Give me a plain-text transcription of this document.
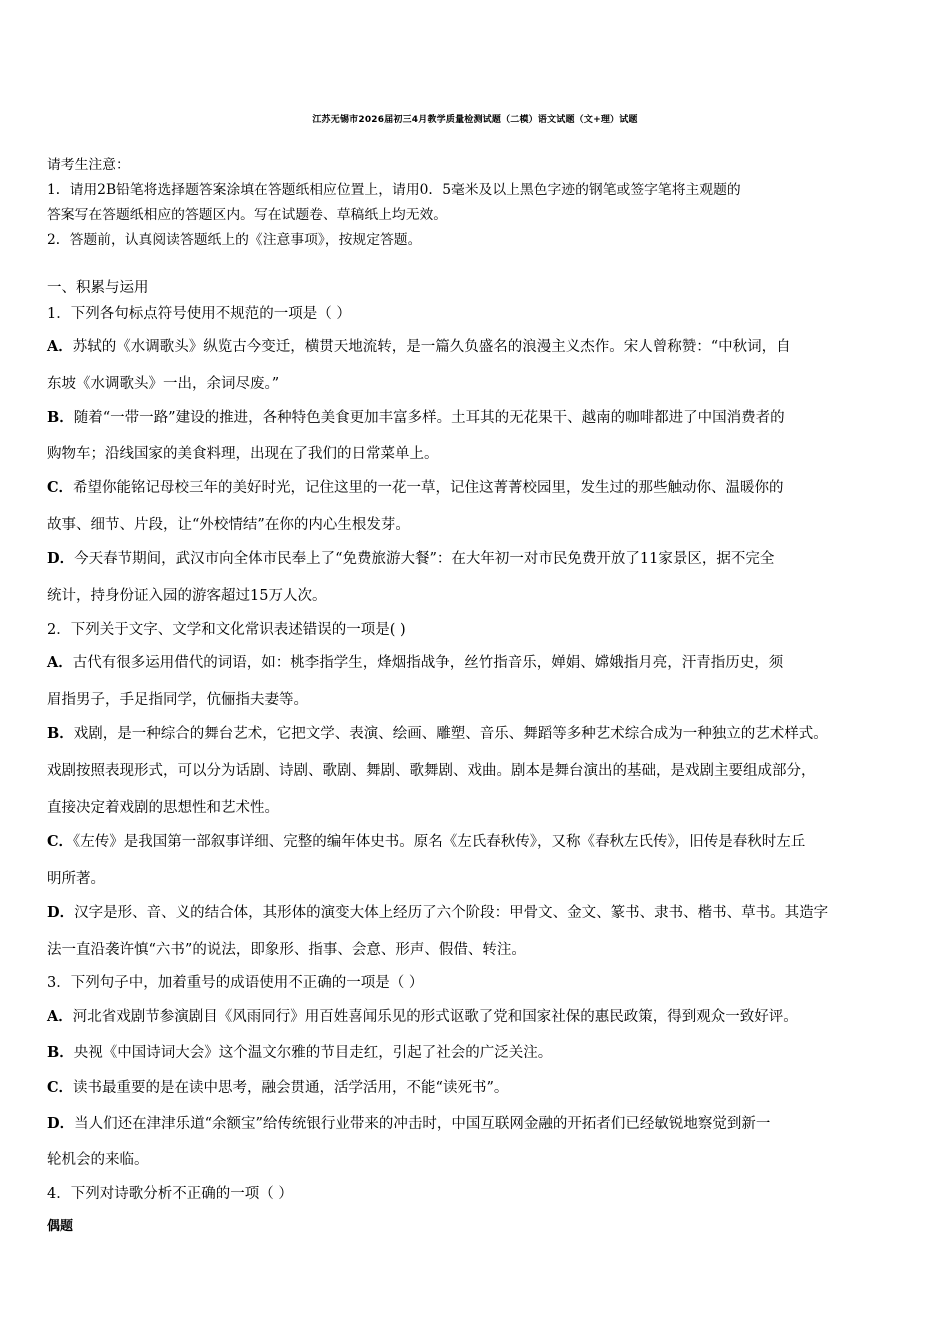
江苏无锡市2026届初三4月教学质量检测试题（二模）语文试题（文+理）试题
请考生注意：
1．请用2B铅笔将选择题答案涂填在答题纸相应位置上，请用0．5毫米及以上黑色字迹的钢笔或签字笔将主观题的
答案写在答题纸相应的答题区内。写在试题卷、草稿纸上均无效。
2．答题前，认真阅读答题纸上的《注意事项》，按规定答题。
一、积累与运用
1．下列各句标点符号使用不规范的一项是（ ）
A．苏轼的《水调歌头》纵览古今变迁，横贯天地流转，是一篇久负盛名的浪漫主义杰作。宋人曾称赞：“中秋词，自
东坡《水调歌头》一出，余词尽废。”
B．随着“一带一路”建设的推进，各种特色美食更加丰富多样。土耳其的无花果干、越南的咖啡都进了中国消费者的
购物车；沿线国家的美食料理，出现在了我们的日常菜单上。
C．希望你能铭记母校三年的美好时光，记住这里的一花一草，记住这菁菁校园里，发生过的那些触动你、温暖你的
故事、细节、片段，让“外校情结”在你的内心生根发芽。
D．今天春节期间，武汉市向全体市民奉上了“免费旅游大餐”：在大年初一对市民免费开放了11家景区，据不完全
统计，持身份证入园的游客超过15万人次。
2．下列关于文字、文学和文化常识表述错误的一项是( )
A．古代有很多运用借代的词语，如：桃李指学生，烽烟指战争，丝竹指音乐，婵娟、嫦娥指月亮，汗青指历史，须
眉指男子，手足指同学，伉俪指夫妻等。
B．戏剧，是一种综合的舞台艺术，它把文学、表演、绘画、雕塑、音乐、舞蹈等多种艺术综合成为一种独立的艺术样式。
戏剧按照表现形式，可以分为话剧、诗剧、歌剧、舞剧、歌舞剧、戏曲。剧本是舞台演出的基础，是戏剧主要组成部分，
直接决定着戏剧的思想性和艺术性。
C．《左传》是我国第一部叙事详细、完整的编年体史书。原名《左氏春秋传》，又称《春秋左氏传》，旧传是春秋时左丘
明所著。
D．汉字是形、音、义的结合体，其形体的演变大体上经历了六个阶段：甲骨文、金文、篆书、隶书、楷书、草书。其造字
法一直沿袭许慎“六书”的说法，即象形、指事、会意、形声、假借、转注。
3．下列句子中，加着重号的成语使用不正确的一项是（ ）
A．河北省戏剧节参演剧目《风雨同行》用百姓喜闻乐见的形式讴歌了党和国家社保的惠民政策，得到观众一致好评。
B．央视《中国诗词大会》这个温文尔雅的节目走红，引起了社会的广泛关注。
C．读书最重要的是在读中思考，融会贯通，活学活用，不能“读死书”。
D．当人们还在津津乐道“余额宝”给传统银行业带来的冲击时，中国互联网金融的开拓者们已经敏锐地察觉到新一
轮机会的来临。
4．下列对诗歌分析不正确的一项（ ）
偶题
